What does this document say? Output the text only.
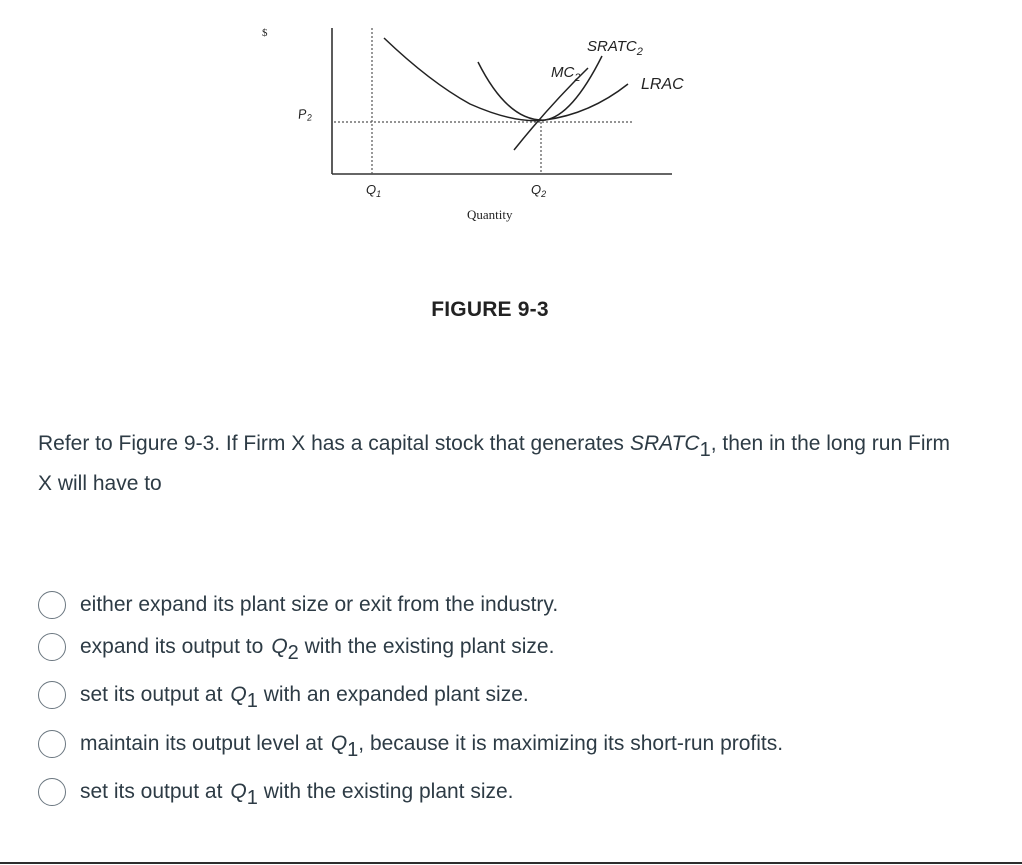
$
$P_2$
$Q_1$	$Q_2$
Quantity
$SRATC_2$
$MC_2$	LRAC
FIGURE 9-3
Refer to Figure 9-3. If Firm X has a capital stock that generates $SRATC_1$, then in the long run Firm X will have to
either expand its plant size or exit from the industry.
expand its output to $Q_2$ with the existing plant size.
set its output at $Q_1$ with an expanded plant size.
maintain its output level at $Q_1$, because it is maximizing its short-run profits.
set its output at $Q_1$ with the existing plant size.
